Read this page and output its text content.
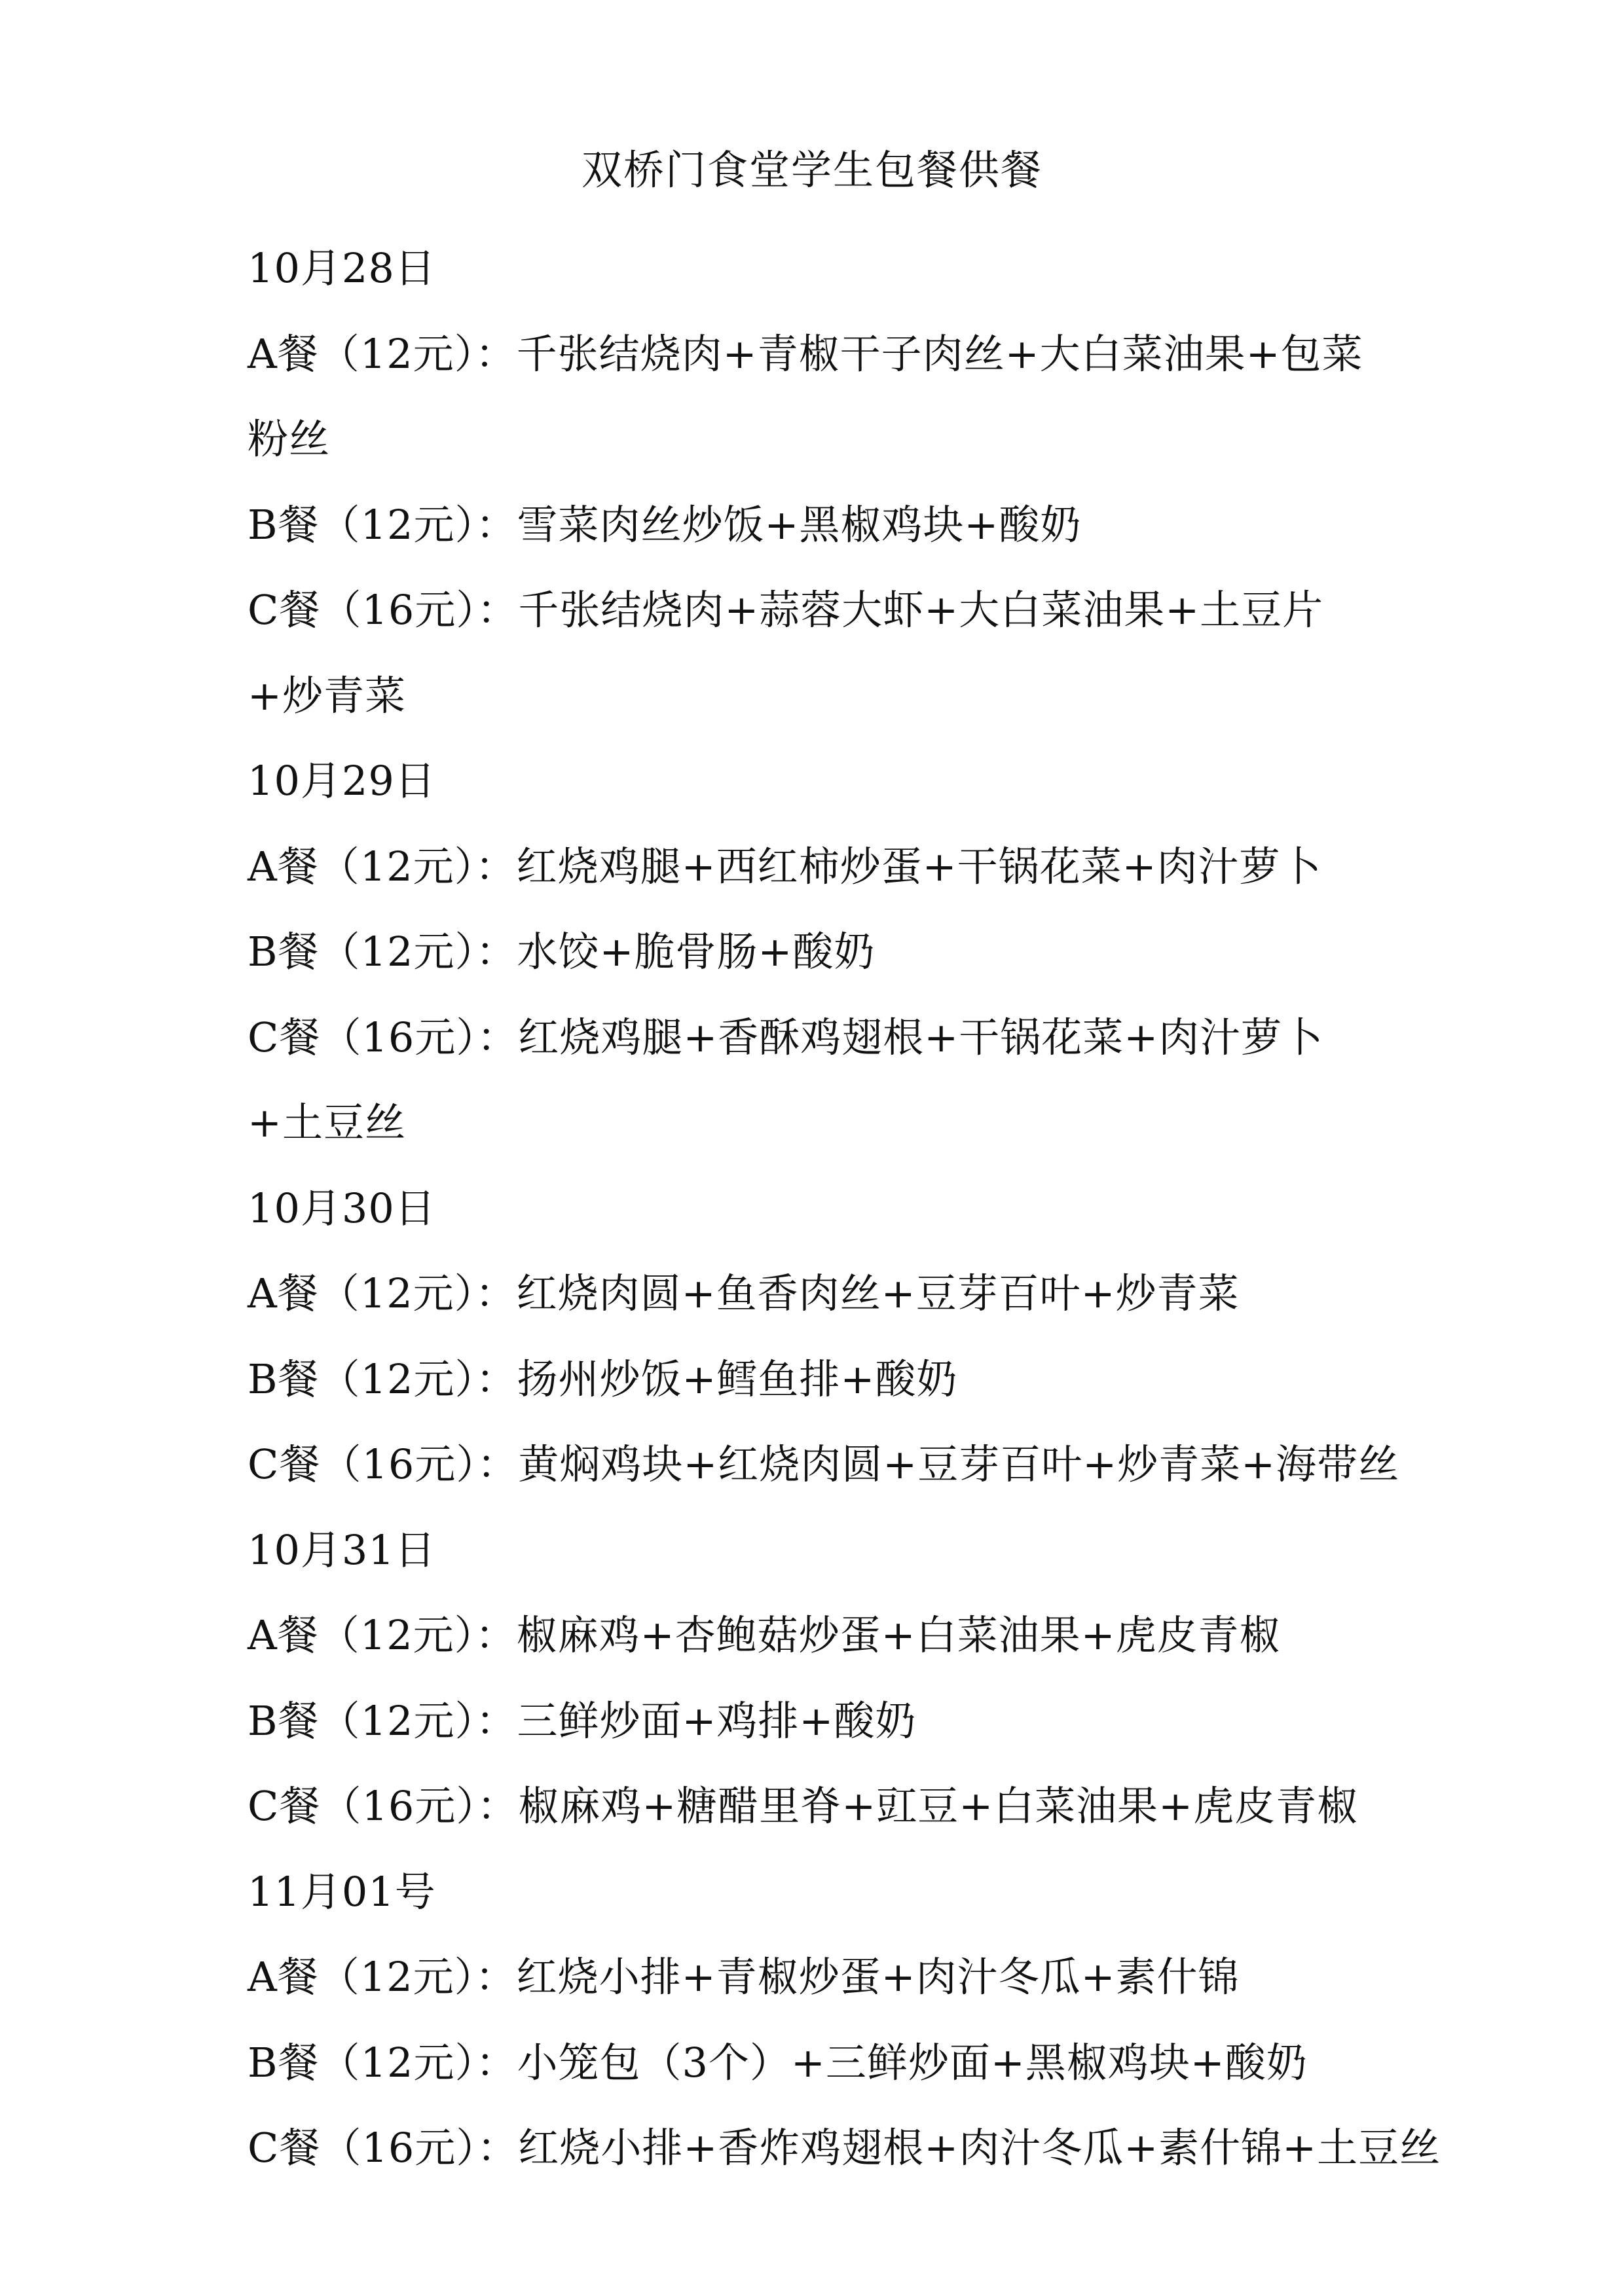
双桥门食堂学生包餐供餐
10月28日
A餐（12元）：千张结烧肉+青椒干子肉丝+大白菜油果+包菜粉丝
B餐（12元）：雪菜肉丝炒饭+黑椒鸡块+酸奶
C餐（16元）：千张结烧肉+蒜蓉大虾+大白菜油果+土豆片+炒青菜
10月29日
A餐（12元）：红烧鸡腿+西红柿炒蛋+干锅花菜+肉汁萝卜
B餐（12元）：水饺+脆骨肠+酸奶
C餐（16元）：红烧鸡腿+香酥鸡翅根+干锅花菜+肉汁萝卜+土豆丝
10月30日
A餐（12元）：红烧肉圆+鱼香肉丝+豆芽百叶+炒青菜
B餐（12元）：扬州炒饭+鳕鱼排+酸奶
C餐（16元）：黄焖鸡块+红烧肉圆+豆芽百叶+炒青菜+海带丝
10月31日
A餐（12元）：椒麻鸡+杏鲍菇炒蛋+白菜油果+虎皮青椒
B餐（12元）：三鲜炒面+鸡排+酸奶
C餐（16元）：椒麻鸡+糖醋里脊+豇豆+白菜油果+虎皮青椒
11月01号
A餐（12元）：红烧小排+青椒炒蛋+肉汁冬瓜+素什锦
B餐（12元）：小笼包（3个）+三鲜炒面+黑椒鸡块+酸奶
C餐（16元）：红烧小排+香炸鸡翅根+肉汁冬瓜+素什锦+土豆丝
